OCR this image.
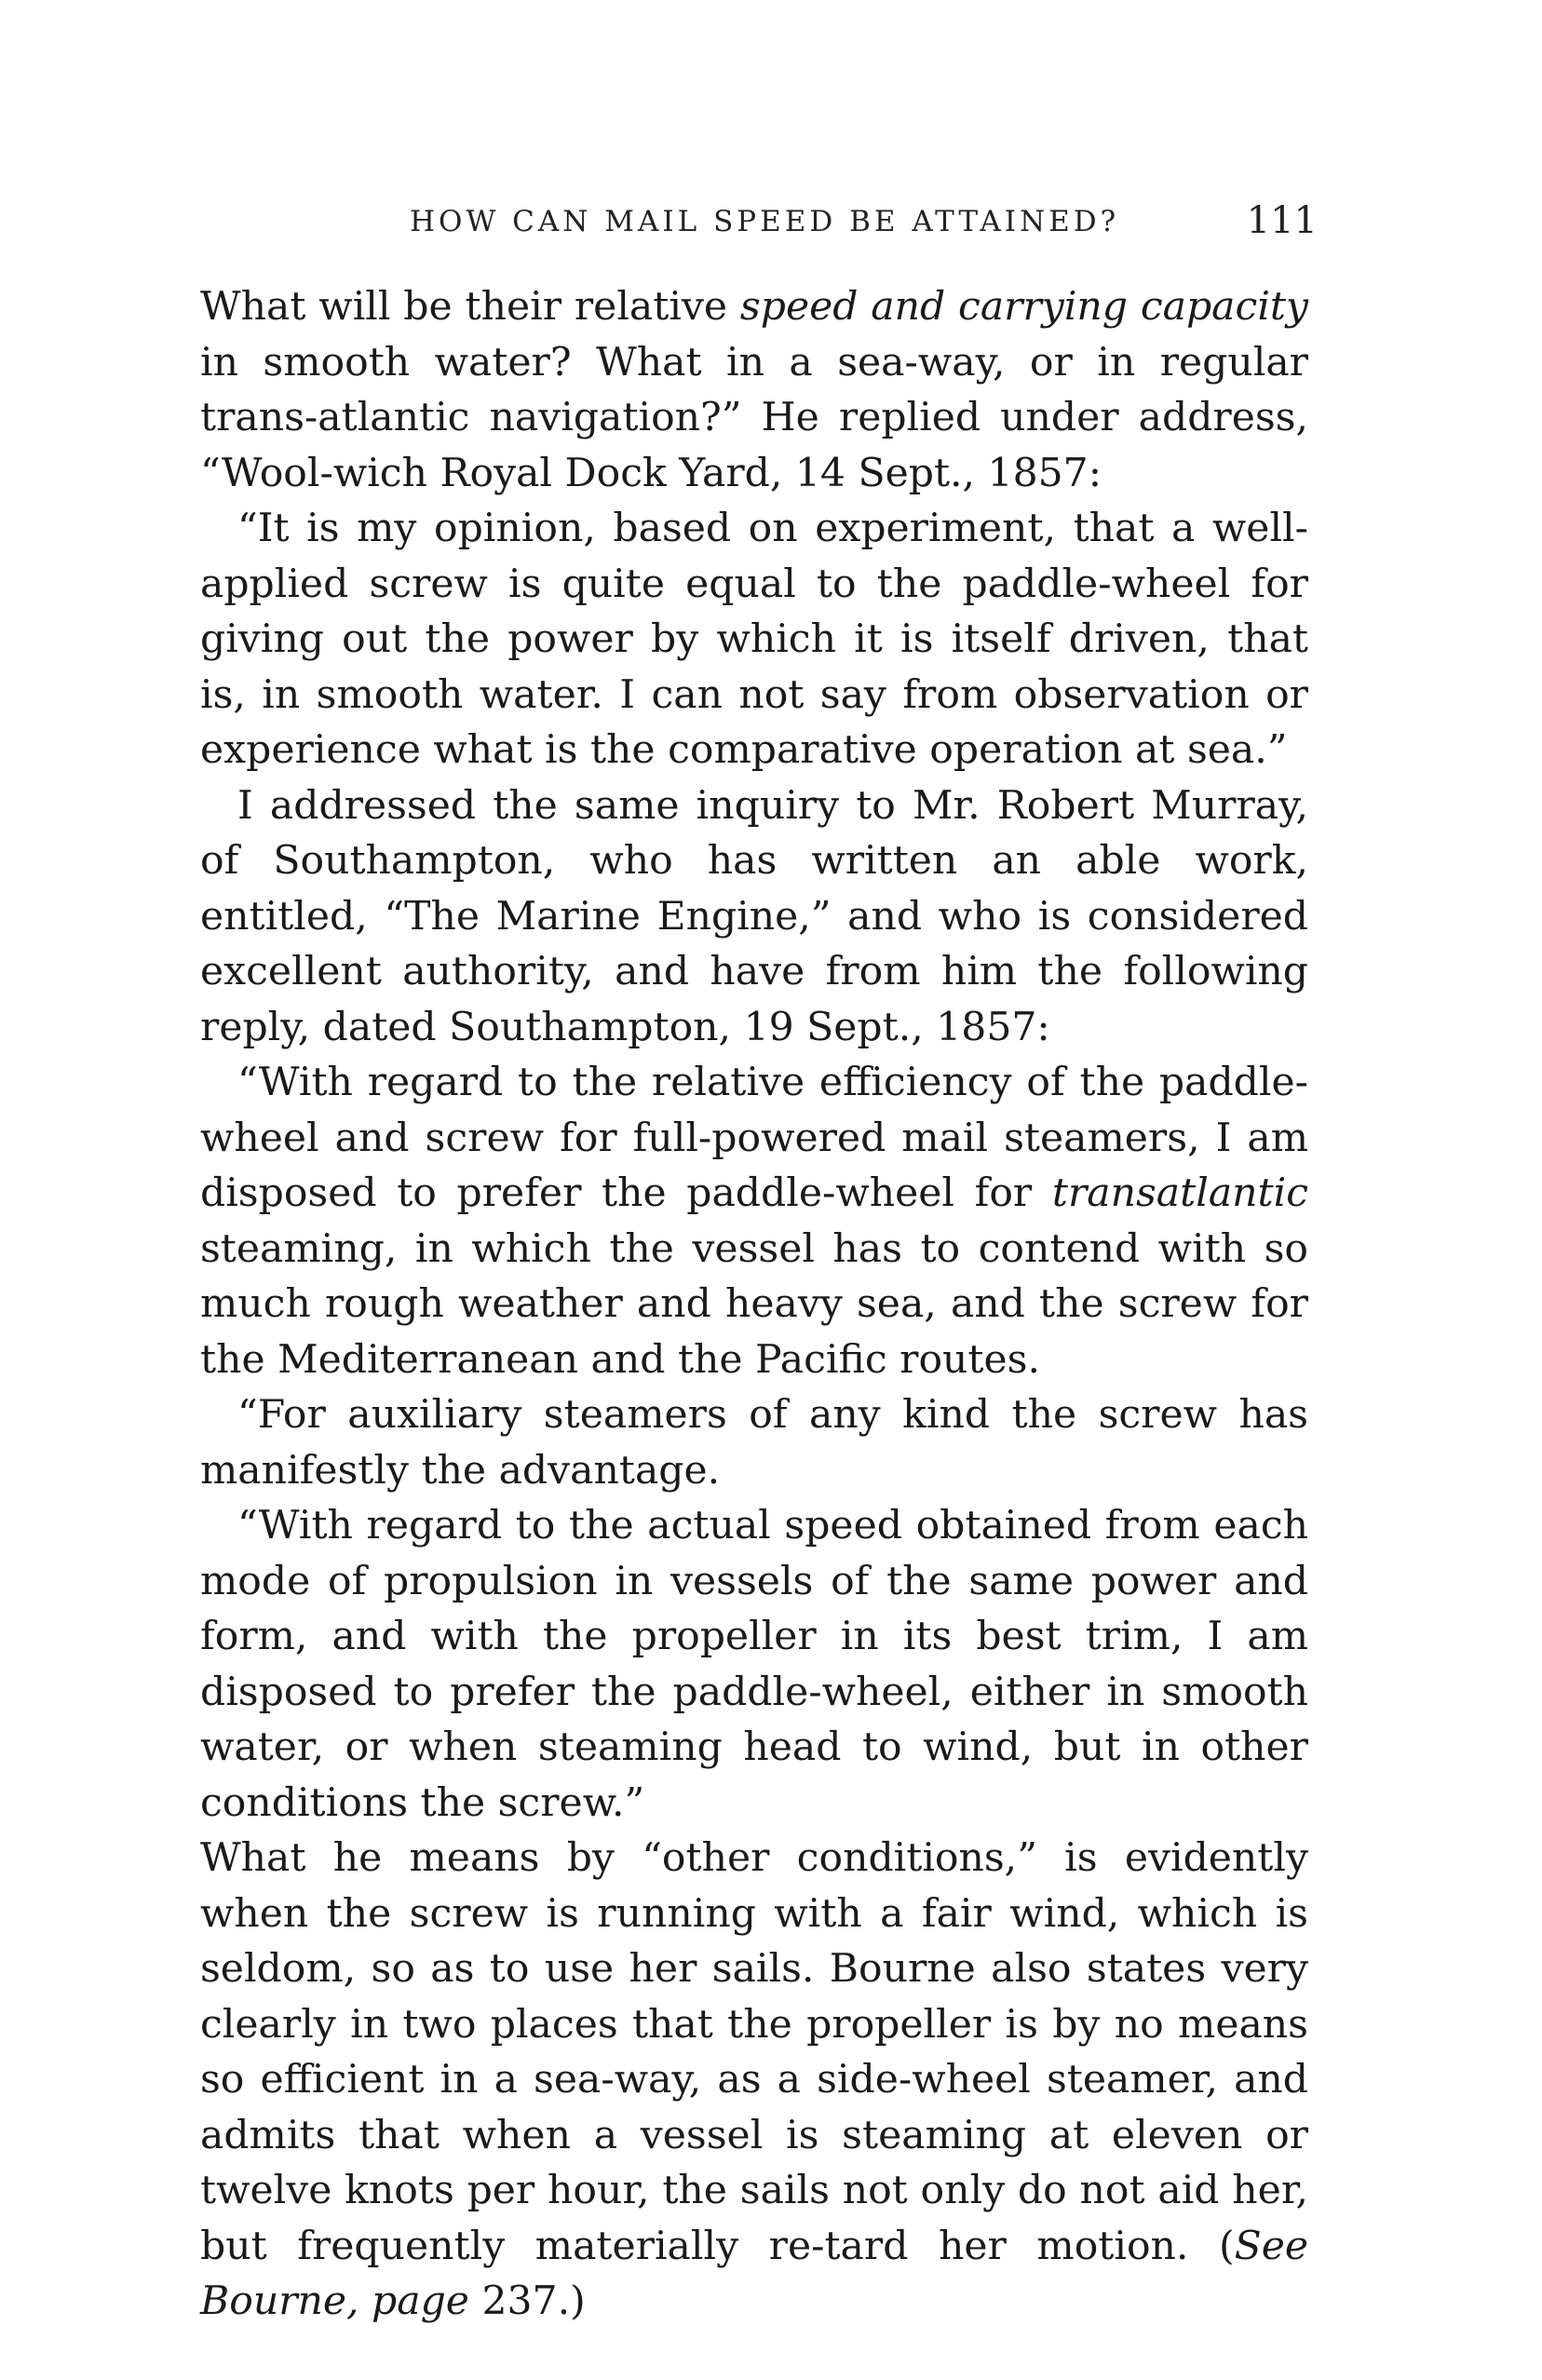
HOW CAN MAIL SPEED BE ATTAINED?	111

What will be their relative speed and carrying capacity in smooth water? What in a sea-way, or in regular trans-atlantic navigation?” He replied under address, “Wool-wich Royal Dock Yard, 14 Sept., 1857:

“It is my opinion, based on experiment, that a well-applied screw is quite equal to the paddle-wheel for giving out the power by which it is itself driven, that is, in smooth water. I can not say from observation or experience what is the comparative operation at sea.”

I addressed the same inquiry to Mr. Robert Murray, of Southampton, who has written an able work, entitled, “The Marine Engine,” and who is considered excellent authority, and have from him the following reply, dated Southampton, 19 Sept., 1857:

“With regard to the relative efficiency of the paddle-wheel and screw for full-powered mail steamers, I am disposed to prefer the paddle-wheel for transatlantic steaming, in which the vessel has to contend with so much rough weather and heavy sea, and the screw for the Mediterranean and the Pacific routes.

“For auxiliary steamers of any kind the screw has manifestly the advantage.

“With regard to the actual speed obtained from each mode of propulsion in vessels of the same power and form, and with the propeller in its best trim, I am disposed to prefer the paddle-wheel, either in smooth water, or when steaming head to wind, but in other conditions the screw.”

What he means by “other conditions,” is evidently when the screw is running with a fair wind, which is seldom, so as to use her sails. Bourne also states very clearly in two places that the propeller is by no means so efficient in a sea-way, as a side-wheel steamer, and admits that when a vessel is steaming at eleven or twelve knots per hour, the sails not only do not aid her, but frequently materially re-tard her motion. (See Bourne, page 237.)
